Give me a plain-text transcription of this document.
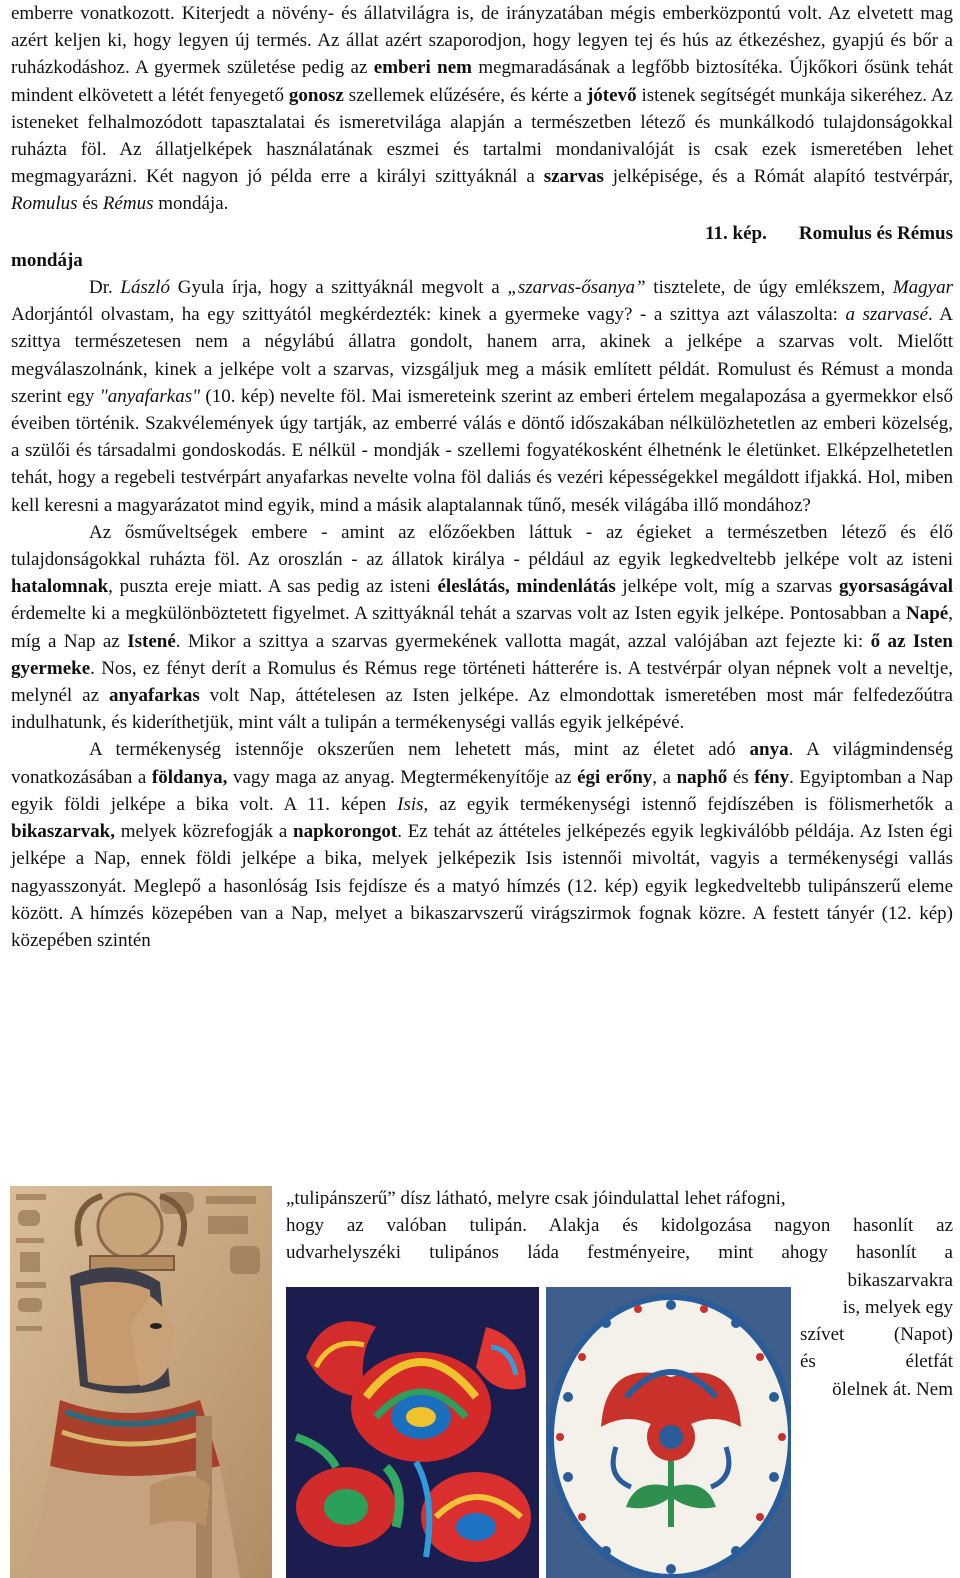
emberre vonatkozott. Kiterjedt a növény- és állatvilágra is, de irányzatában mégis emberközpontú volt. Az elvetett mag azért keljen ki, hogy legyen új termés. Az állat azért szaporodjon, hogy legyen tej és hús az étkezéshez, gyapjú és bőr a ruházkodáshoz. A gyermek születése pedig az emberi nem megmaradásának a legfőbb biztosítéka. Újkőkori ősünk tehát mindent elkövetett a létét fenyegető gonosz szellemek elűzésére, és kérte a jótevő istenek segítségét munkája sikeréhez. Az isteneket felhalmozódott tapasztalatai és ismeretvilága alapján a természetben létező és munkálkodó tulajdonságokkal ruházta föl. Az állatjelképek használatának eszmei és tartalmi mondanivalóját is csak ezek ismeretében lehet megmagyarázni. Két nagyon jó példa erre a királyi szittyáknál a szarvas jelképisége, és a Rómát alapító testvérpár, Romulus és Rémus mondája.

11. kép. Romulus és Rémus

mondája

Dr. László Gyula írja, hogy a szittyáknál megvolt a „szarvas-ősanya” tisztelete, de úgy emlékszem, Magyar Adorjántól olvastam, ha egy szittyától megkérdezték: kinek a gyermeke vagy? - a szittya azt válaszolta: a szarvasé. A szittya természetesen nem a négylábú állatra gondolt, hanem arra, akinek a jelképe a szarvas volt. Mielőtt megválaszolnánk, kinek a jelképe volt a szarvas, vizsgáljuk meg a másik említett példát. Romulust és Rémust a monda szerint egy "anyafarkas" (10. kép) nevelte föl. Mai ismereteink szerint az emberi értelem megalapozása a gyermekkor első éveiben történik. Szakvélemények úgy tartják, az emberré válás e döntő időszakában nélkülözhetetlen az emberi közelség, a szülői és társadalmi gondoskodás. E nélkül - mondják - szellemi fogyatékosként élhetnénk le életünket. Elképzelhetetlen tehát, hogy a regebeli testvérpárt anyafarkas nevelte volna föl daliás és vezéri képességekkel megáldott ifjakká. Hol, miben kell keresni a magyarázatot mind egyik, mind a másik alaptalannak tűnő, mesék világába illő mondához?

Az ősműveltségek embere - amint az előzőekben láttuk - az égieket a természetben létező és élő tulajdonságokkal ruházta föl. Az oroszlán - az állatok királya - például az egyik legkedveltebb jelképe volt az isteni hatalomnak, puszta ereje miatt. A sas pedig az isteni éleslátás, mindenlátás jelképe volt, míg a szarvas gyorsaságával érdemelte ki a megkülönböztetett figyelmet. A szittyáknál tehát a szarvas volt az Isten egyik jelképe. Pontosabban a Napé, míg a Nap az Istené. Mikor a szittya a szarvas gyermekének vallotta magát, azzal valójában azt fejezte ki: ő az Isten gyermeke. Nos, ez fényt derít a Romulus és Rémus rege történeti hátterére is. A testvérpár olyan népnek volt a neveltje, melynél az anyafarkas volt Nap, áttételesen az Isten jelképe. Az elmondottak ismeretében most már felfedezőútra indulhatunk, és kideríthetjük, mint vált a tulipán a termékenységi vallás egyik jelképévé.

A termékenység istennője okszerűen nem lehetett más, mint az életet adó anya. A világmindenség vonatkozásában a földanya, vagy maga az anyag. Megtermékenyítője az égi erőny, a naphő és fény. Egyiptomban a Nap egyik földi jelképe a bika volt. A 11. képen Isis, az egyik termékenységi istennő fejdíszében is fölismerhetők a bikaszarvak, melyek közrefogják a napkorongot. Ez tehát az áttételes jelképezés egyik legkiválóbb példája. Az Isten égi jelképe a Nap, ennek földi jelképe a bika, melyek jelképezik Isis istennői mivoltát, vagyis a termékenységi vallás nagyasszonyát. Meglepő a hasonlóság Isis fejdísze és a matyó hímzés (12. kép) egyik legkedveltebb tulipánszerű eleme között. A hímzés közepében van a Nap, melyet a bikaszarvszerű virágszirmok fognak közre. A festett tányér (12. kép) közepében szintén

„tulipánszerű” dísz látható, melyre csak jóindulattal lehet ráfogni,
hogy az valóban tulipán. Alakja és kidolgozása nagyon hasonlít az
udvarhelyszéki tulipános láda festményeire, mint ahogy hasonlít a
bikaszarvakra
is, melyek egy
szívet	(Napot)
és	életfát
ölelnek át. Nem
